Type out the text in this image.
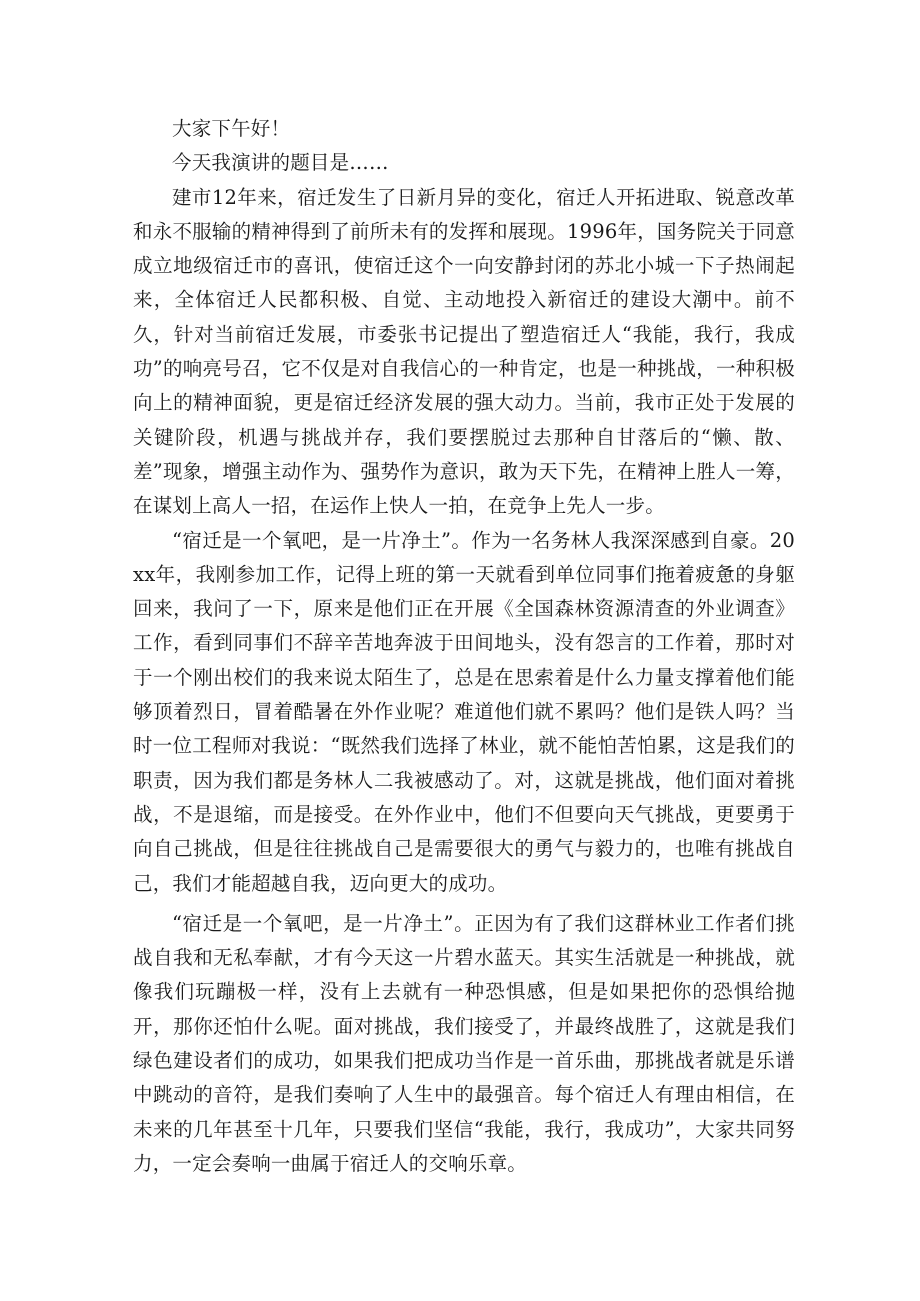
大家下午好！

今天我演讲的题目是……

建市12年来，宿迁发生了日新月异的变化，宿迁人开拓进取、锐意改革和永不服输的精神得到了前所未有的发挥和展现。1996年，国务院关于同意成立地级宿迁市的喜讯，使宿迁这个一向安静封闭的苏北小城一下子热闹起来，全体宿迁人民都积极、自觉、主动地投入新宿迁的建设大潮中。前不久，针对当前宿迁发展，市委张书记提出了塑造宿迁人“我能，我行，我成功”的响亮号召，它不仅是对自我信心的一种肯定，也是一种挑战，一种积极向上的精神面貌，更是宿迁经济发展的强大动力。当前，我市正处于发展的关键阶段，机遇与挑战并存，我们要摆脱过去那种自甘落后的“懒、散、差”现象，增强主动作为、强势作为意识，敢为天下先，在精神上胜人一筹，在谋划上高人一招，在运作上快人一拍，在竞争上先人一步。

“宿迁是一个氧吧，是一片净土”。作为一名务林人我深深感到自豪。20xx年，我刚参加工作，记得上班的第一天就看到单位同事们拖着疲惫的身躯回来，我问了一下，原来是他们正在开展《全国森林资源清查的外业调查》工作，看到同事们不辞辛苦地奔波于田间地头，没有怨言的工作着，那时对于一个刚出校们的我来说太陌生了，总是在思索着是什么力量支撑着他们能够顶着烈日，冒着酷暑在外作业呢？难道他们就不累吗？他们是铁人吗？当时一位工程师对我说：“既然我们选择了林业，就不能怕苦怕累，这是我们的职责，因为我们都是务林人二我被感动了。对，这就是挑战，他们面对着挑战，不是退缩，而是接受。在外作业中，他们不但要向天气挑战，更要勇于向自己挑战，但是往往挑战自己是需要很大的勇气与毅力的，也唯有挑战自己，我们才能超越自我，迈向更大的成功。

“宿迁是一个氧吧，是一片净土”。正因为有了我们这群林业工作者们挑战自我和无私奉献，才有今天这一片碧水蓝天。其实生活就是一种挑战，就像我们玩蹦极一样，没有上去就有一种恐惧感，但是如果把你的恐惧给抛开，那你还怕什么呢。面对挑战，我们接受了，并最终战胜了，这就是我们绿色建设者们的成功，如果我们把成功当作是一首乐曲，那挑战者就是乐谱中跳动的音符，是我们奏响了人生中的最强音。每个宿迁人有理由相信，在未来的几年甚至十几年，只要我们坚信“我能，我行，我成功”，大家共同努力，一定会奏响一曲属于宿迁人的交响乐章。
